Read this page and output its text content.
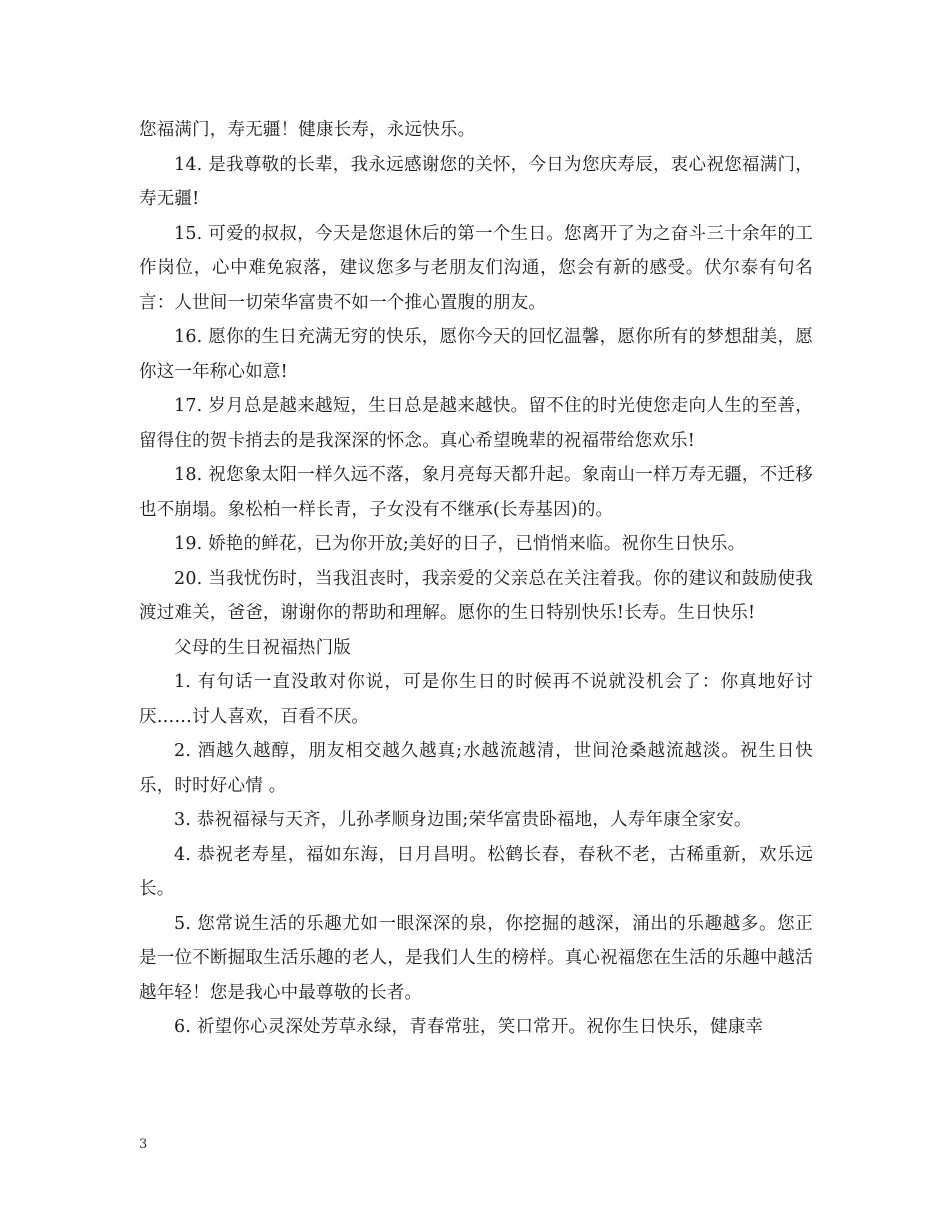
您福满门，寿无疆！健康长寿，永远快乐。

14. 是我尊敬的长辈，我永远感谢您的关怀，今日为您庆寿辰，衷心祝您福满门，寿无疆!

15. 可爱的叔叔，今天是您退休后的第一个生日。您离开了为之奋斗三十余年的工作岗位，心中难免寂落，建议您多与老朋友们沟通，您会有新的感受。伏尔泰有句名言：人世间一切荣华富贵不如一个推心置腹的朋友。

16. 愿你的生日充满无穷的快乐，愿你今天的回忆温馨，愿你所有的梦想甜美，愿你这一年称心如意!

17. 岁月总是越来越短，生日总是越来越快。留不住的时光使您走向人生的至善，留得住的贺卡捎去的是我深深的怀念。真心希望晚辈的祝福带给您欢乐!

18. 祝您象太阳一样久远不落，象月亮每天都升起。象南山一样万寿无疆，不迁移也不崩塌。象松柏一样长青，子女没有不继承(长寿基因)的。

19. 娇艳的鲜花，已为你开放;美好的日子，已悄悄来临。祝你生日快乐。

20. 当我忧伤时，当我沮丧时，我亲爱的父亲总在关注着我。你的建议和鼓励使我渡过难关，爸爸，谢谢你的帮助和理解。愿你的生日特别快乐!长寿。生日快乐!

父母的生日祝福热门版

1. 有句话一直没敢对你说，可是你生日的时候再不说就没机会了：你真地好讨厌……讨人喜欢，百看不厌。

2. 酒越久越醇，朋友相交越久越真;水越流越清，世间沧桑越流越淡。祝生日快乐，时时好心情 。

3. 恭祝福禄与天齐，儿孙孝顺身边围;荣华富贵卧福地，人寿年康全家安。

4. 恭祝老寿星，福如东海，日月昌明。松鹤长春，春秋不老，古稀重新，欢乐远长。

5. 您常说生活的乐趣尤如一眼深深的泉，你挖掘的越深，涌出的乐趣越多。您正是一位不断掘取生活乐趣的老人，是我们人生的榜样。真心祝福您在生活的乐趣中越活越年轻！您是我心中最尊敬的长者。

6. 祈望你心灵深处芳草永绿，青春常驻，笑口常开。祝你生日快乐，健康幸

3
